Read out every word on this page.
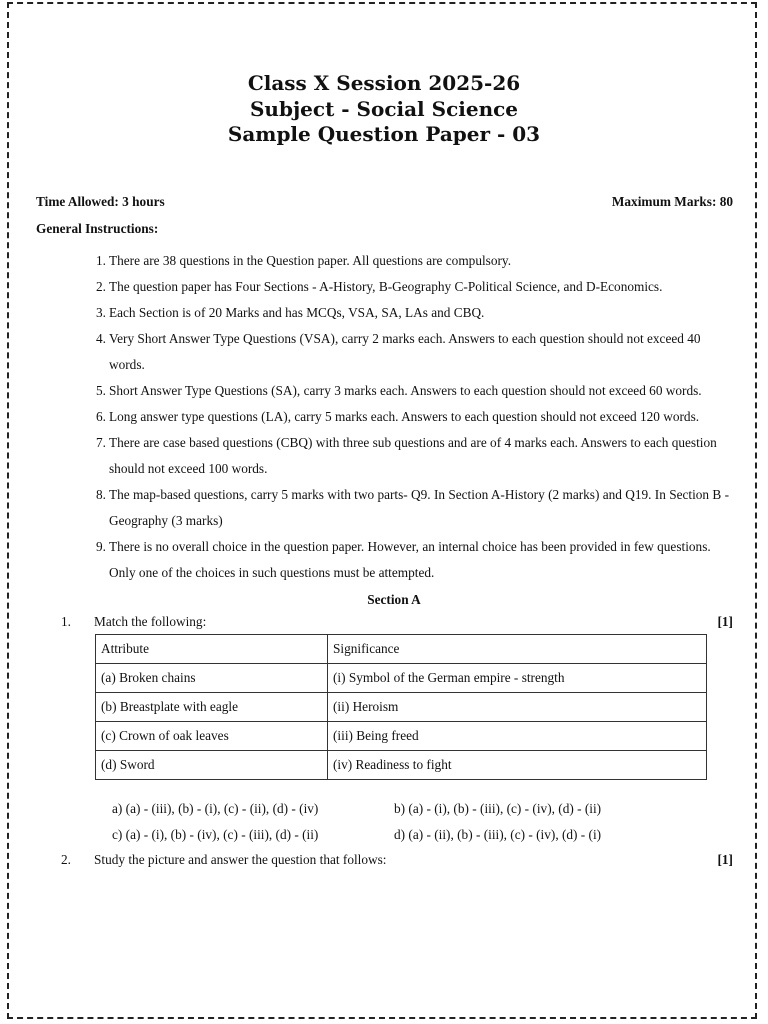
Class X Session 2025-26
Subject - Social Science
Sample Question Paper - 03
Time Allowed: 3 hours	Maximum Marks: 80
General Instructions:
1. There are 38 questions in the Question paper. All questions are compulsory.
2. The question paper has Four Sections - A-History, B-Geography C-Political Science, and D-Economics.
3. Each Section is of 20 Marks and has MCQs, VSA, SA, LAs and CBQ.
4. Very Short Answer Type Questions (VSA), carry 2 marks each. Answers to each question should not exceed 40 words.
5. Short Answer Type Questions (SA), carry 3 marks each. Answers to each question should not exceed 60 words.
6. Long answer type questions (LA), carry 5 marks each. Answers to each question should not exceed 120 words.
7. There are case based questions (CBQ) with three sub questions and are of 4 marks each. Answers to each question should not exceed 100 words.
8. The map-based questions, carry 5 marks with two parts- Q9. In Section A-History (2 marks) and Q19. In Section B -Geography (3 marks)
9. There is no overall choice in the question paper. However, an internal choice has been provided in few questions. Only one of the choices in such questions must be attempted.
Section A
1. Match the following:	[1]
Attribute	Significance
(a) Broken chains	(i) Symbol of the German empire - strength
(b) Breastplate with eagle	(ii) Heroism
(c) Crown of oak leaves	(iii) Being freed
(d) Sword	(iv) Readiness to fight
a) (a) - (iii), (b) - (i), (c) - (ii), (d) - (iv)	b) (a) - (i), (b) - (iii), (c) - (iv), (d) - (ii)
c) (a) - (i), (b) - (iv), (c) - (iii), (d) - (ii)	d) (a) - (ii), (b) - (iii), (c) - (iv), (d) - (i)
2. Study the picture and answer the question that follows:	[1]
